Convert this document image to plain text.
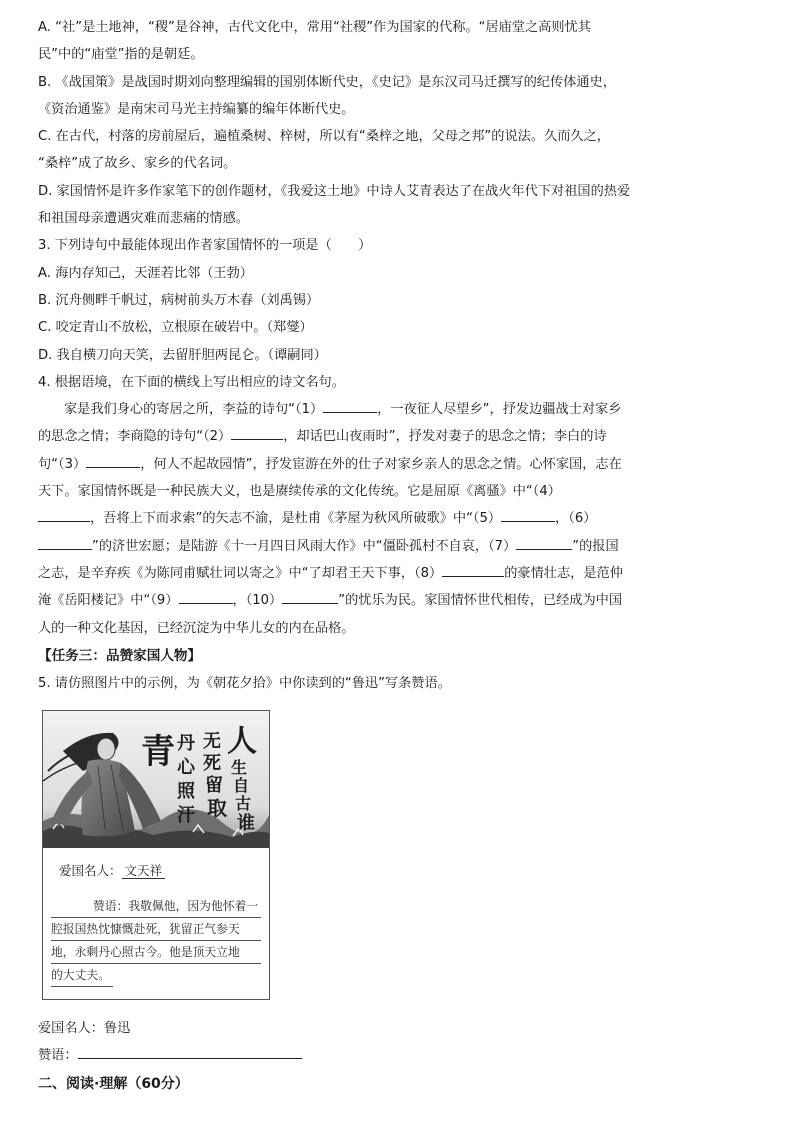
A. “社”是土地神，“稷”是谷神，古代文化中，常用“社稷”作为国家的代称。“居庙堂之高则忧其
民”中的“庙堂”指的是朝廷。
B. 《战国策》是战国时期刘向整理编辑的国别体断代史，《史记》是东汉司马迁撰写的纪传体通史，
《资治通鉴》是南宋司马光主持编纂的编年体断代史。
C. 在古代，村落的房前屋后，遍植桑树、梓树，所以有“桑梓之地，父母之邦”的说法。久而久之，
“桑梓”成了故乡、家乡的代名词。
D. 家国情怀是许多作家笔下的创作题材，《我爱这土地》中诗人艾青表达了在战火年代下对祖国的热爱
和祖国母亲遭遇灾难而悲痛的情感。
3. 下列诗句中最能体现出作者家国情怀的一项是（　　）
A. 海内存知己，天涯若比邻（王勃）
B. 沉舟侧畔千帆过，病树前头万木春（刘禹锡）
C. 咬定青山不放松，立根原在破岩中。（郑燮）
D. 我自横刀向天笑，去留肝胆两昆仑。（谭嗣同）
4. 根据语境，在下面的横线上写出相应的诗文名句。
家是我们身心的寄居之所，李益的诗句“（1）	，一夜征人尽望乡”，抒发边疆战士对家乡
的思念之情；李商隐的诗句“（2）	，却话巴山夜雨时”，抒发对妻子的思念之情；李白的诗
句“（3）	，何人不起故园情”，抒发宦游在外的仕子对家乡亲人的思念之情。心怀家国，志在
天下。家国情怀既是一种民族大义，也是赓续传承的文化传统。它是屈原《离骚》中“（4）
，吾将上下而求索”的矢志不渝，是杜甫《茅屋为秋风所破歌》中“（5）	，（6）
”的济世宏愿；是陆游《十一月四日风雨大作》中“僵卧孤村不自哀，（7）	”的报国
之志，是辛弃疾《为陈同甫赋壮词以寄之》中“了却君王天下事，（8）	的豪情壮志，是范仲
淹《岳阳楼记》中“（9）	，（10）	”的忧乐为民。家国情怀世代相传，已经成为中国
人的一种文化基因，已经沉淀为中华儿女的内在品格。
【任务三：品赞家国人物】
5. 请仿照图片中的示例，为《朝花夕拾》中你读到的“鲁迅”写条赞语。
人
生
自
古
谁
无
死
留
取
丹
心
照
汗
青
爱国名人： 文天祥
赞语：我敬佩他，因为他怀着一
腔报国热忱慷慨赴死，犹留正气参天
地，永剩丹心照古今。他是顶天立地
的大丈夫。
爱国名人：鲁迅
赞语：
二、阅读·理解（60分）
